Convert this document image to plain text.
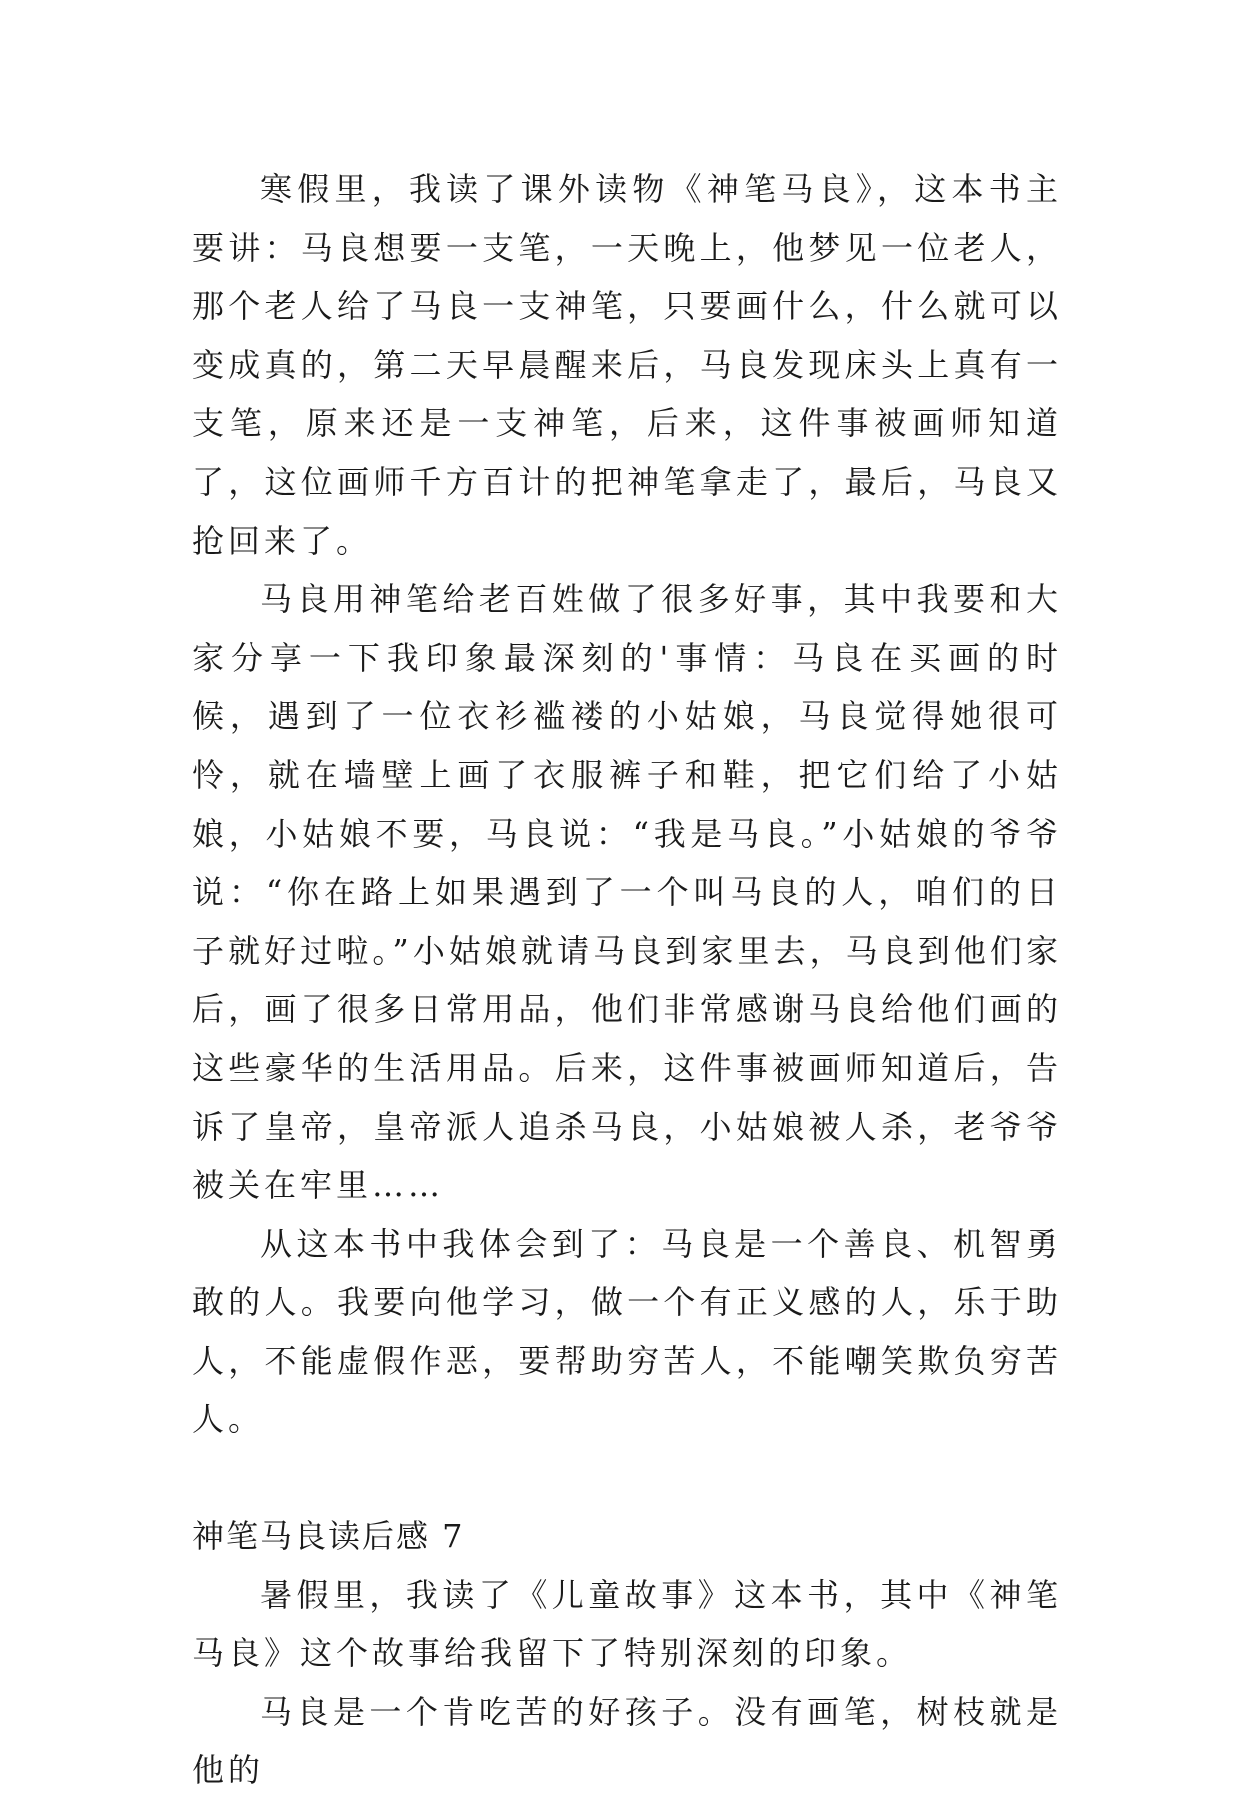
寒假里，我读了课外读物《神笔马良》，这本书主要讲：马良想要一支笔，一天晚上，他梦见一位老人，那个老人给了马良一支神笔，只要画什么，什么就可以变成真的，第二天早晨醒来后，马良发现床头上真有一支笔，原来还是一支神笔，后来，这件事被画师知道了，这位画师千方百计的把神笔拿走了，最后，马良又抢回来了。

马良用神笔给老百姓做了很多好事，其中我要和大家分享一下我印象最深刻的'事情：马良在买画的时候，遇到了一位衣衫褴褛的小姑娘，马良觉得她很可怜，就在墙壁上画了衣服裤子和鞋，把它们给了小姑娘，小姑娘不要，马良说：“我是马良。”小姑娘的爷爷说：“你在路上如果遇到了一个叫马良的人，咱们的日子就好过啦。”小姑娘就请马良到家里去，马良到他们家后，画了很多日常用品，他们非常感谢马良给他们画的这些豪华的生活用品。后来，这件事被画师知道后，告诉了皇帝，皇帝派人追杀马良，小姑娘被人杀，老爷爷被关在牢里……

从这本书中我体会到了：马良是一个善良、机智勇敢的人。我要向他学习，做一个有正义感的人，乐于助人，不能虚假作恶，要帮助穷苦人，不能嘲笑欺负穷苦人。

神笔马良读后感 7

暑假里，我读了《儿童故事》这本书，其中《神笔马良》这个故事给我留下了特别深刻的印象。

马良是一个肯吃苦的好孩子。没有画笔，树枝就是他的
